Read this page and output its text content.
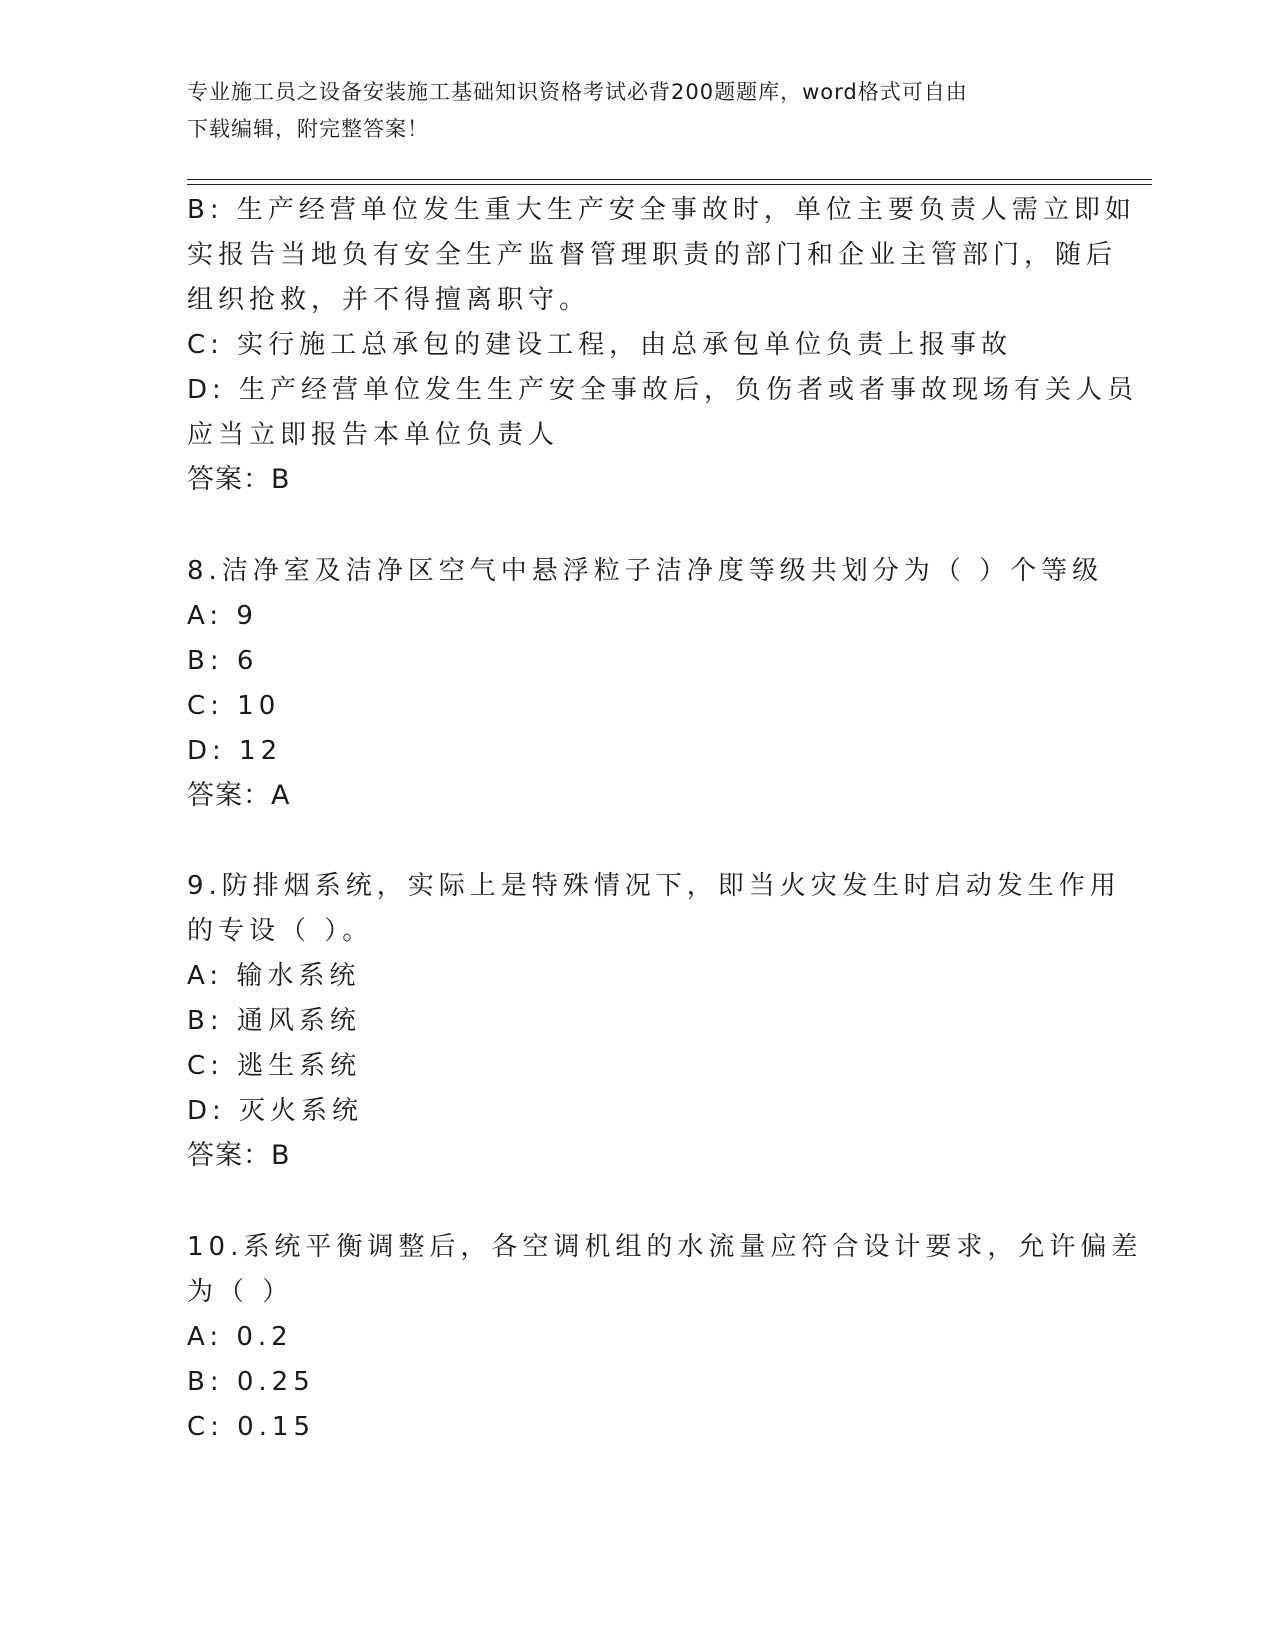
专业施工员之设备安装施工基础知识资格考试必背200题题库，word格式可自由
下载编辑，附完整答案！
B: 生产经营单位发生重大生产安全事故时，单位主要负责人需立即如
实报告当地负有安全生产监督管理职责的部门和企业主管部门，随后
组织抢救，并不得擅离职守。
C: 实行施工总承包的建设工程，由总承包单位负责上报事故
D: 生产经营单位发生生产安全事故后，负伤者或者事故现场有关人员
应当立即报告本单位负责人
答案：B
8.洁净室及洁净区空气中悬浮粒子洁净度等级共划分为（ ）个等级
A: 9
B: 6
C: 10
D: 12
答案：A
9.防排烟系统，实际上是特殊情况下，即当火灾发生时启动发生作用
的专设（ ）。
A: 输水系统
B: 通风系统
C: 逃生系统
D: 灭火系统
答案：B
10.系统平衡调整后，各空调机组的水流量应符合设计要求，允许偏差
为（ ）
A: 0.2
B: 0.25
C: 0.15
